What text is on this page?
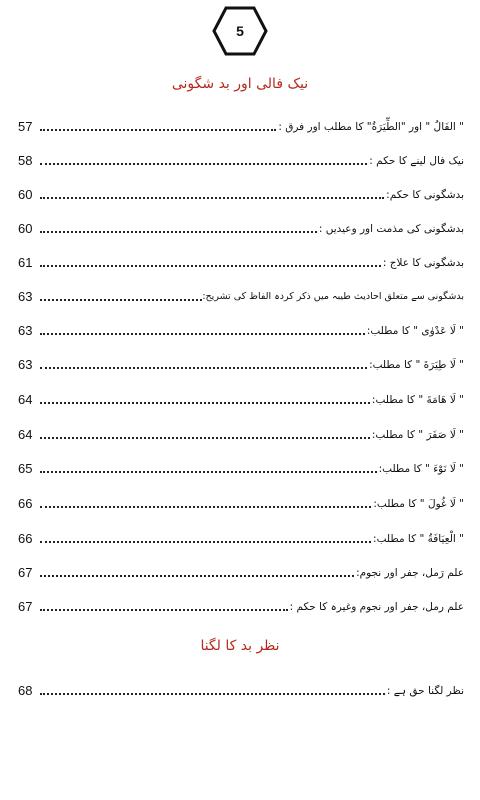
5
نیک فالی اور بد شگونی
57	" الفَالُ " اور "الطِّيَرَةُ" کا مطلب اور فرق :
58	نیک فال لینے کا حکم :
60	بدشگونی کا حکم:
60	بدشگونی کی مذمت اور وعیدیں :
61	بدشگونی کا علاج :
63	بدشگونی سے متعلق احادیث طیبہ میں ذکر کردہ الفاظ کی تشریح:
63	" لَا عَدْوٰی " کا مطلب:
63	" لَا طِيَرَةَ " کا مطلب:
64	" لَا هَامَةَ " کا مطلب:
64	" لَا صَفَرَ " کا مطلب:
65	" لَا نَوْءَ " کا مطلب:
66	" لَا غُولَ " کا مطلب:
66	" الْعِيَافَةُ " کا مطلب:
67	علم رَمل، جفر اور نجوم:
67	علم رمل، جفر اور نجوم وغیرہ کا حکم :
نظر بد کا لگنا
68	نظر لگنا حق ہے :
